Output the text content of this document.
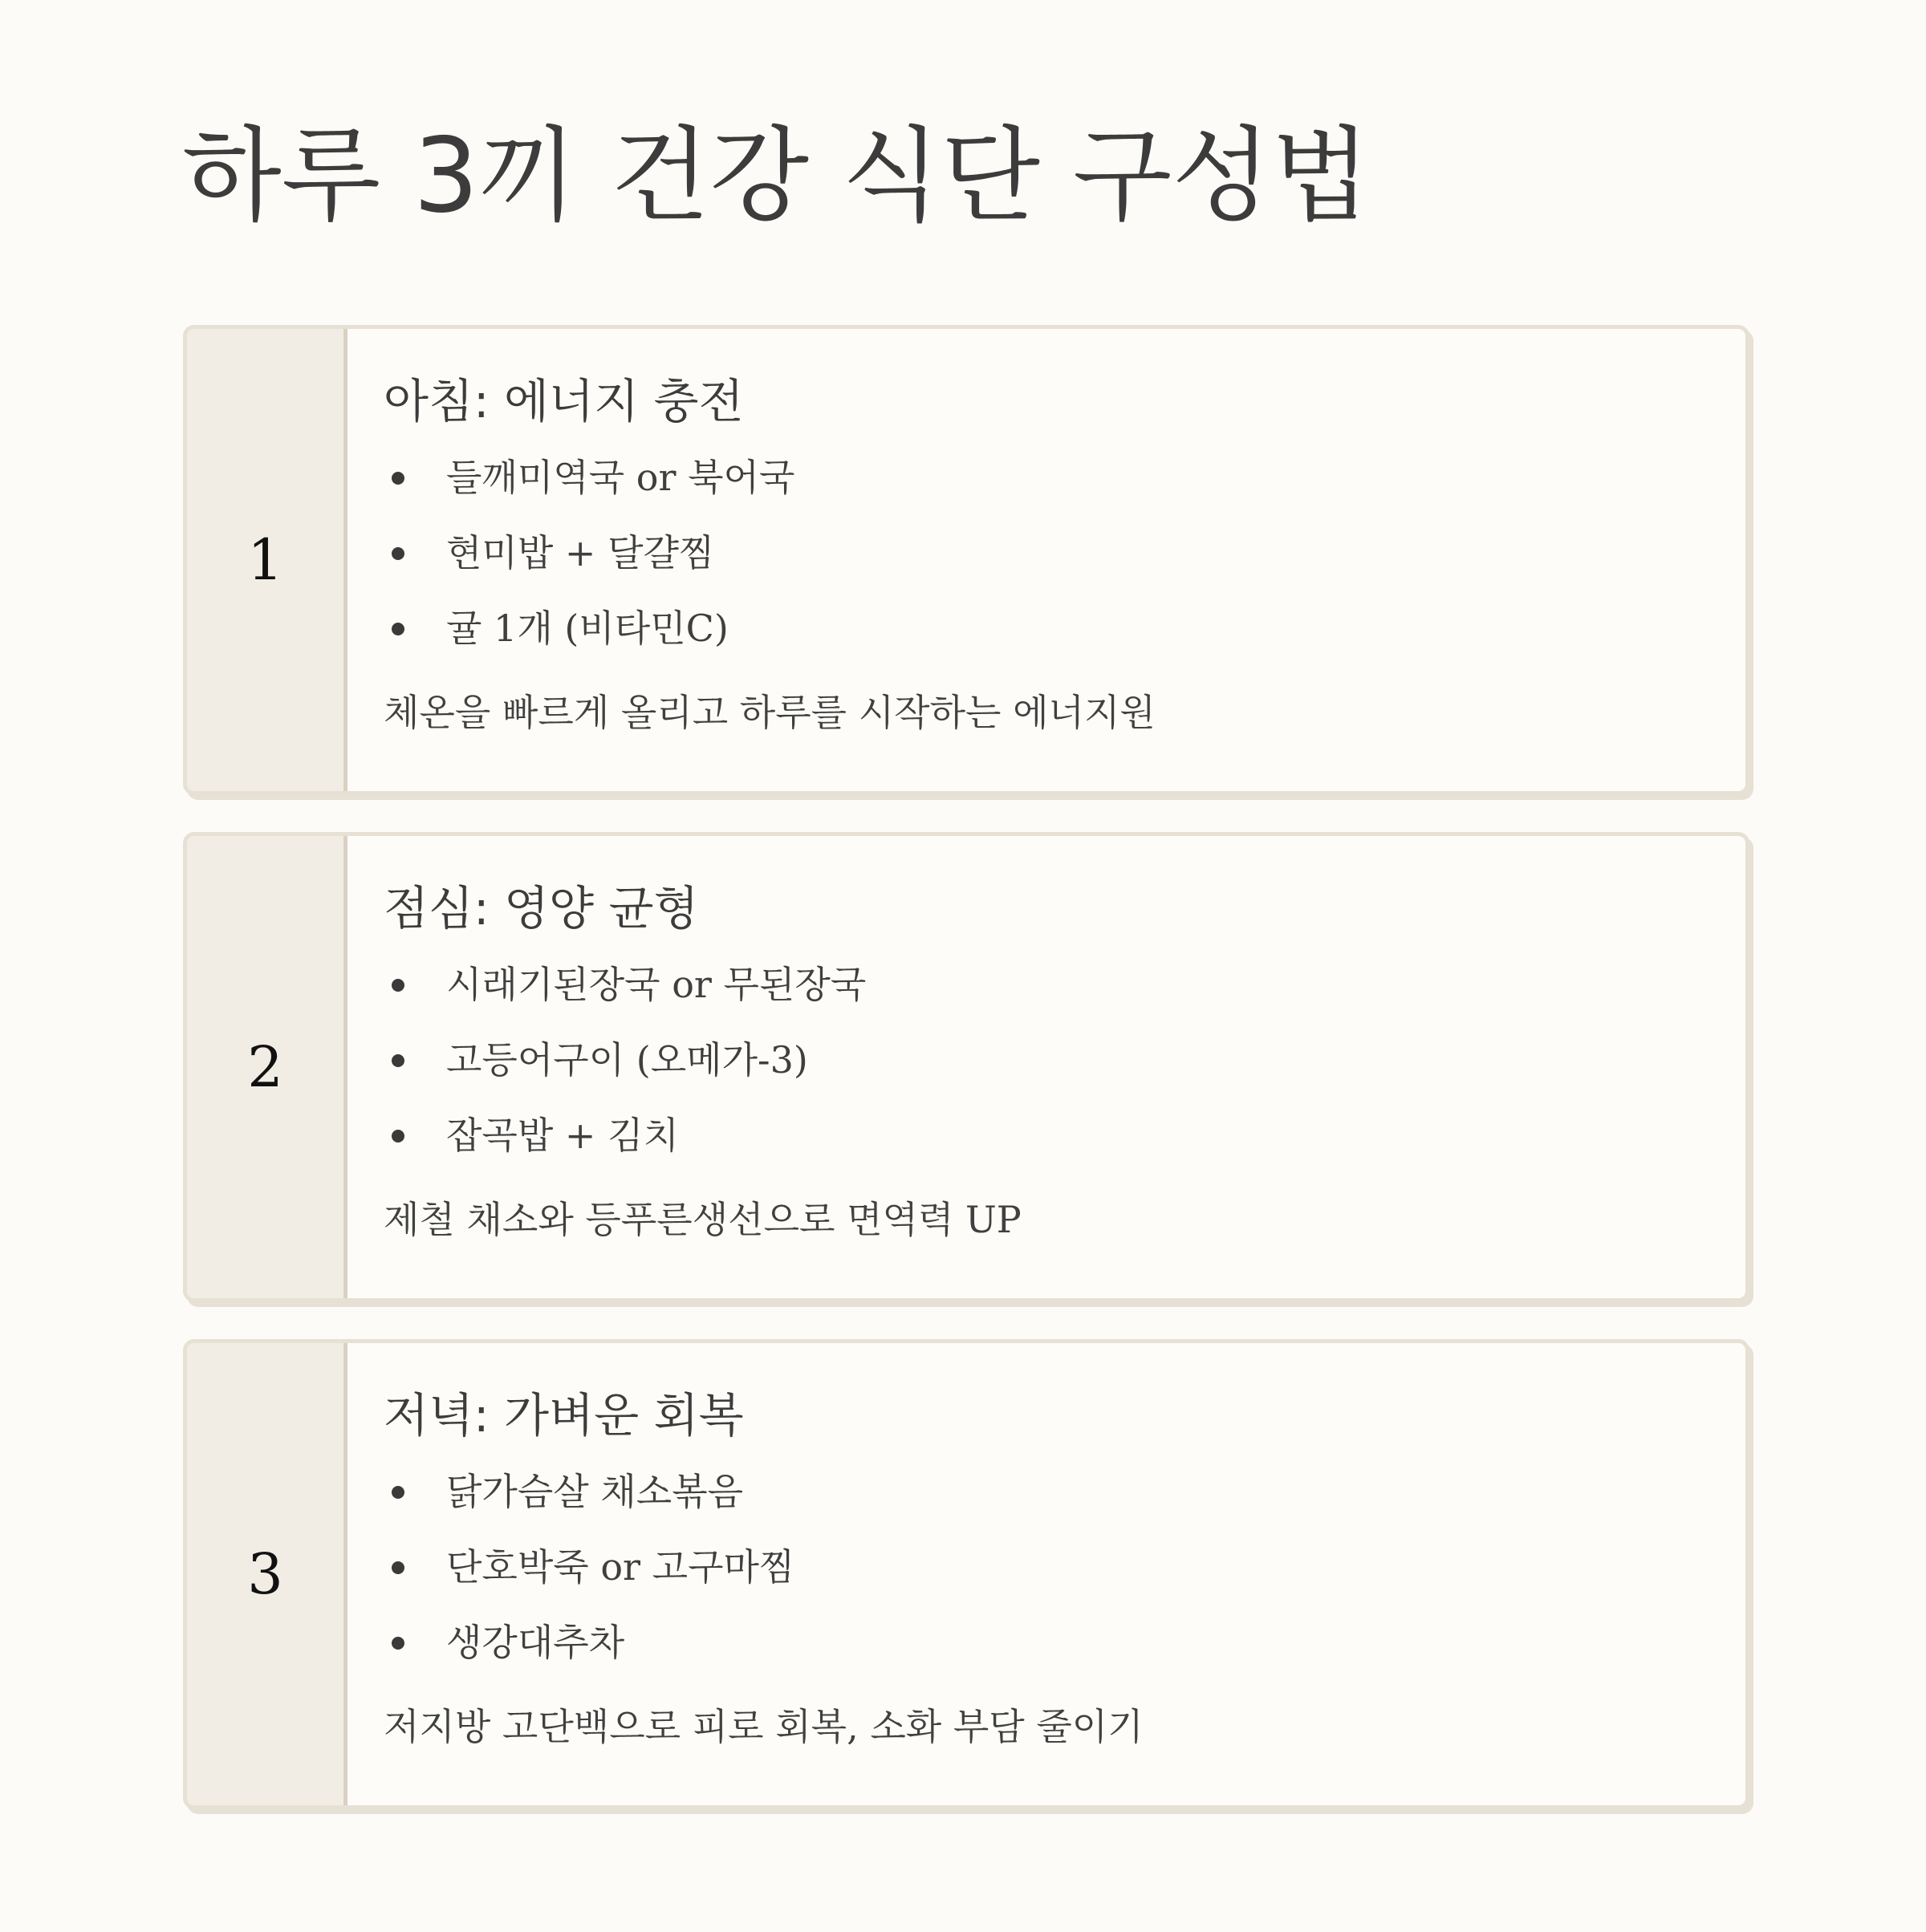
하루 3끼 건강 식단 구성법
1
아침: 에너지 충전
들깨미역국 or 북어국
현미밥 + 달걀찜
귤 1개 (비타민C)

체온을 빠르게 올리고 하루를 시작하는 에너지원

2
점심: 영양 균형
시래기된장국 or 무된장국
고등어구이 (오메가-3)
잡곡밥 + 김치

제철 채소와 등푸른생선으로 면역력 UP

3
저녁: 가벼운 회복
닭가슴살 채소볶음
단호박죽 or 고구마찜
생강대추차

저지방 고단백으로 피로 회복, 소화 부담 줄이기
